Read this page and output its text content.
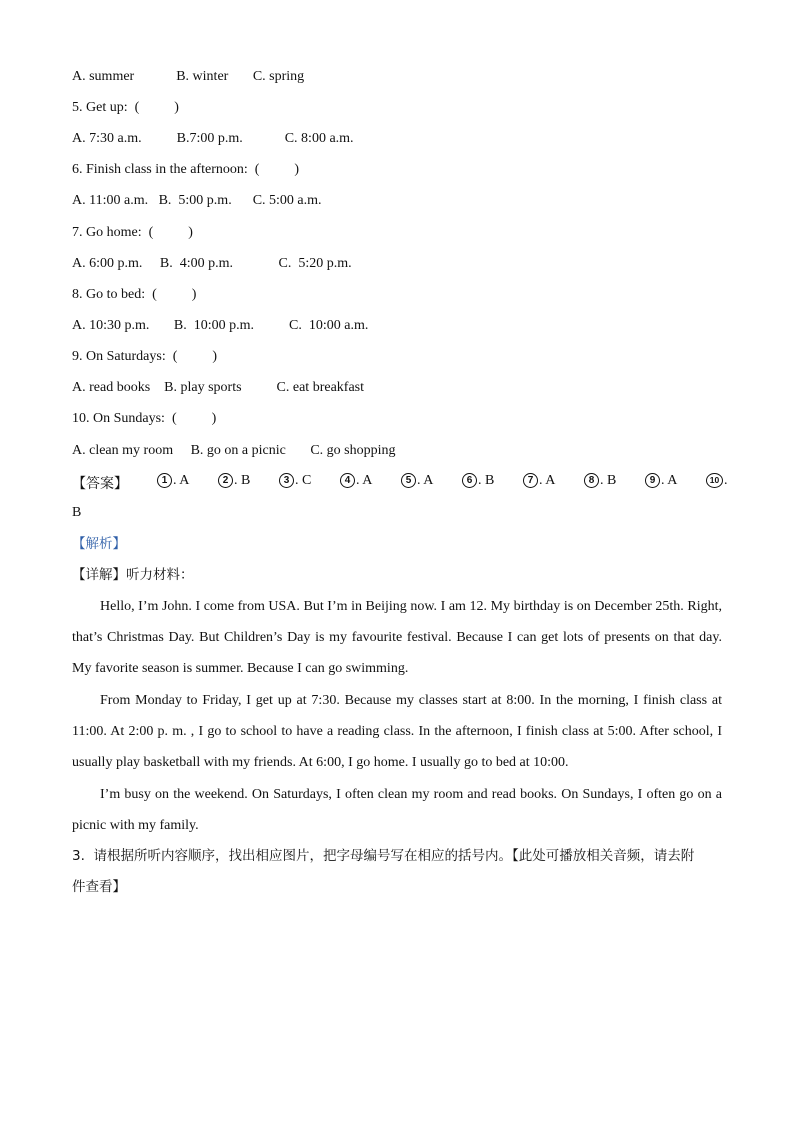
A. summer            B. winter       C. spring
5. Get up:  (          )
A. 7:30 a.m.          B.7:00 p.m.            C. 8:00 a.m.
6. Finish class in the afternoon:  (          )
A. 11:00 a.m.   B.  5:00 p.m.      C. 5:00 a.m.
7. Go home:  (          )
A. 6:00 p.m.     B.  4:00 p.m.             C.  5:20 p.m.
8. Go to bed:  (          )
A. 10:30 p.m.       B.  10:00 p.m.          C.  10:00 a.m.
9. On Saturdays:  (          )
A. read books    B. play sports          C. eat breakfast
10. On Sundays:  (          )
A. clean my room     B. go on a picnic       C. go shopping
【答案】	1 . A	2 . B	3 . C	4 . A	5 . A	6 . B	7 . A	8 . B	9 . A	10 .
B
【解析】
【详解】听力材料：
Hello, I’m John. I come from USA. But I’m in Beijing now. I am 12. My birthday is on December 25th. Right, that’s Christmas Day. But Children’s Day is my favourite festival. Because I can get lots of presents on that day. My favorite season is summer. Because I can go swimming.
From Monday to Friday, I get up at 7:30. Because my classes start at 8:00. In the morning, I finish class at 11:00. At 2:00 p. m. , I go to school to have a reading class. In the afternoon, I finish class at 5:00. After school, I usually play basketball with my friends. At 6:00, I go home. I usually go to bed at 10:00.
I’m busy on the weekend. On Saturdays, I often clean my room and read books. On Sundays, I often go on a picnic with my family.
3.  请根据所听内容顺序，找出相应图片，把字母编号写在相应的括号内。【此处可播放相关音频，请去附
件查看】
